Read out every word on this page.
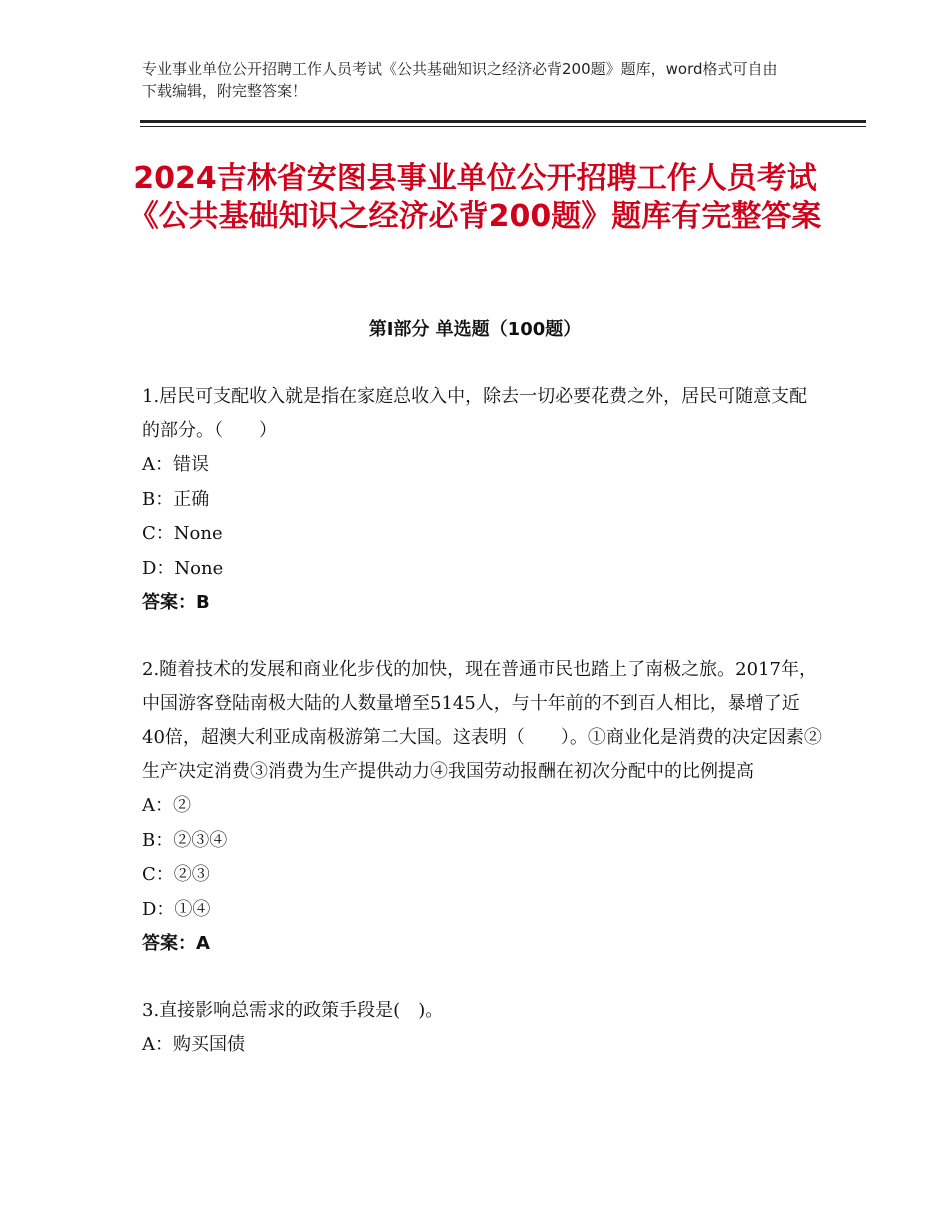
专业事业单位公开招聘工作人员考试《公共基础知识之经济必背200题》题库，word格式可自由下载编辑，附完整答案！
2024吉林省安图县事业单位公开招聘工作人员考试《公共基础知识之经济必背200题》题库有完整答案
第Ⅰ部分 单选题（100题）

1.居民可支配收入就是指在家庭总收入中，除去一切必要花费之外，居民可随意支配的部分。（　　）

A：错误

B：正确

C：None

D：None

答案：B

2.随着技术的发展和商业化步伐的加快，现在普通市民也踏上了南极之旅。2017年，中国游客登陆南极大陆的人数量增至5145人，与十年前的不到百人相比，暴增了近40倍，超澳大利亚成南极游第二大国。这表明（　　）。①商业化是消费的决定因素②生产决定消费③消费为生产提供动力④我国劳动报酬在初次分配中的比例提高

A：②

B：②③④

C：②③

D：①④

答案：A

3.直接影响总需求的政策手段是(　)。

A：购买国债
